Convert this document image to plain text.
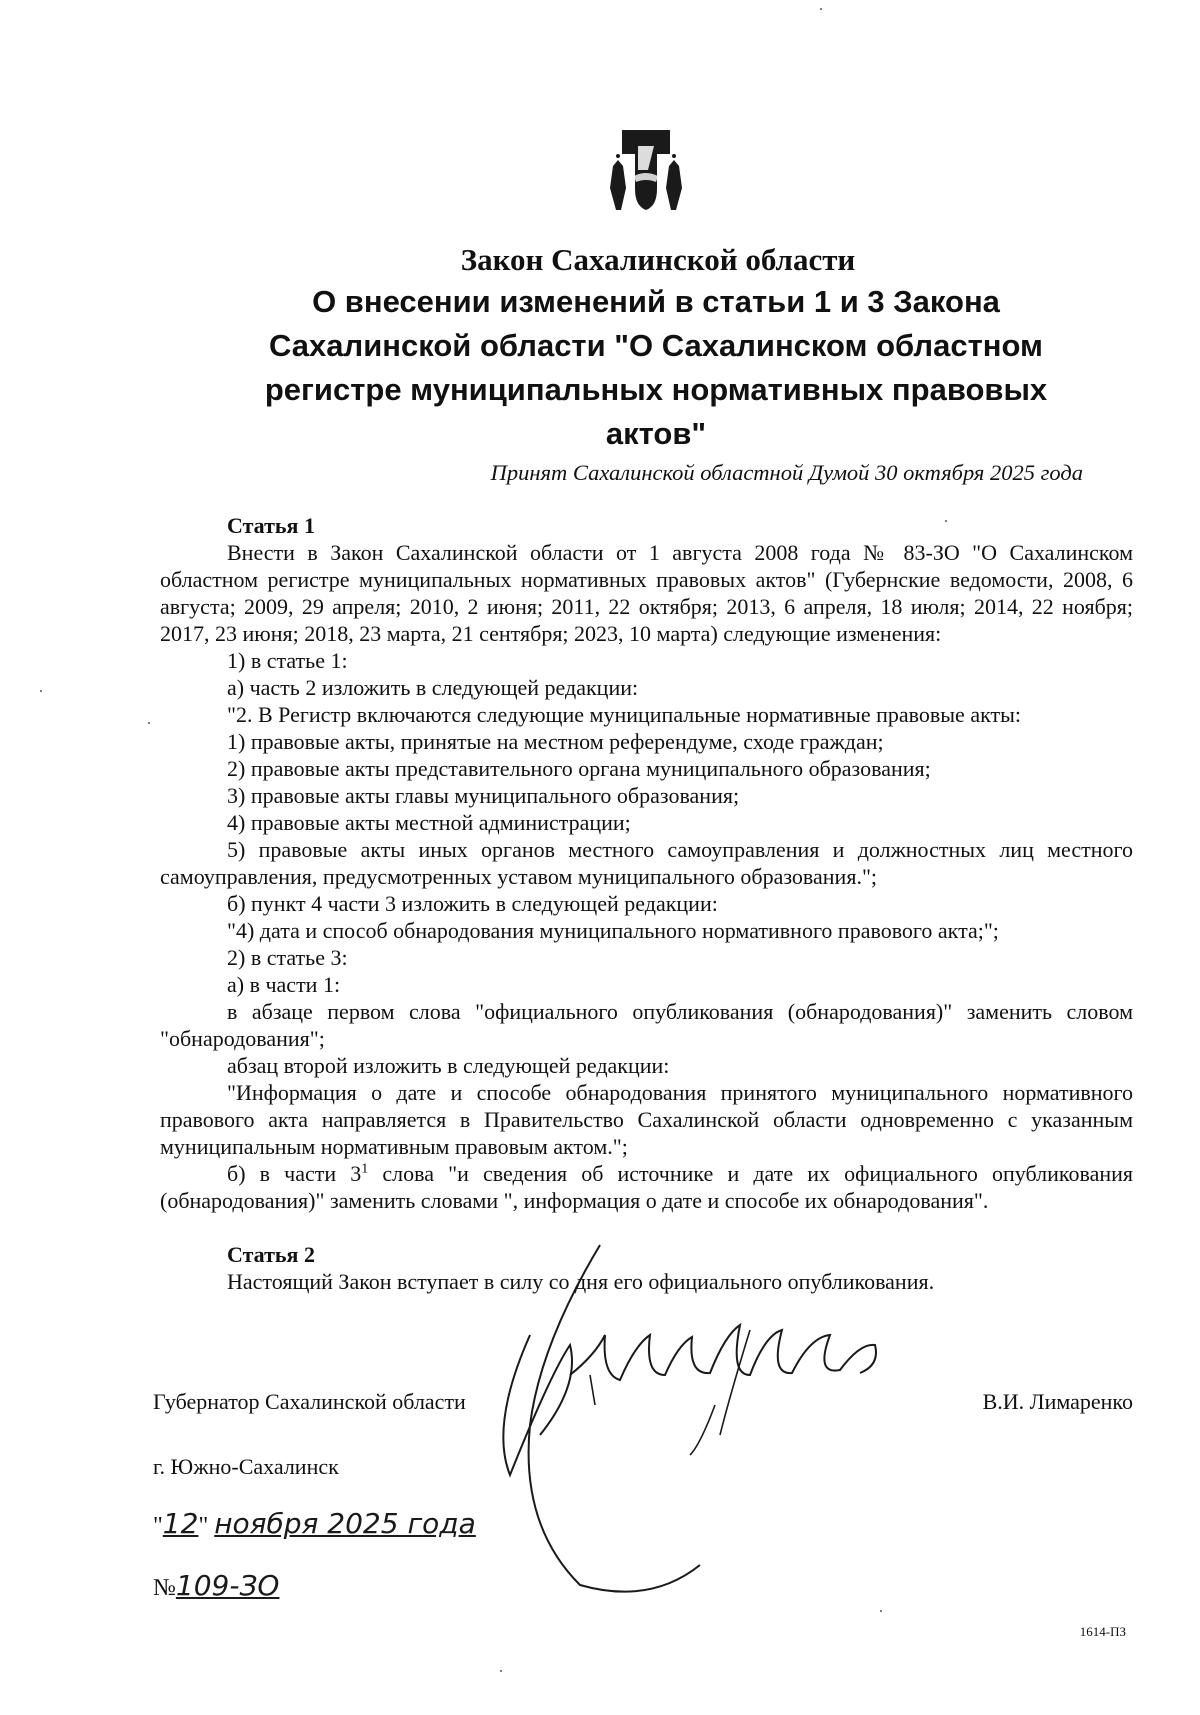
Закон Сахалинской области
О внесении изменений в статьи 1 и 3 Закона
Сахалинской области "О Сахалинском областном
регистре муниципальных нормативных правовых
актов"
Принят Сахалинской областной Думой 30 октября 2025 года

Статья 1

Внести в Закон Сахалинской области от 1 августа 2008 года № 83-ЗО "О Сахалинском областном регистре муниципальных нормативных правовых актов" (Губернские ведомости, 2008, 6 августа; 2009, 29 апреля; 2010, 2 июня; 2011, 22 октября; 2013, 6 апреля, 18 июля; 2014, 22 ноября; 2017, 23 июня; 2018, 23 марта, 21 сентября; 2023, 10 марта) следующие изменения:

1) в статье 1:

а) часть 2 изложить в следующей редакции:

"2. В Регистр включаются следующие муниципальные нормативные правовые акты:

1) правовые акты, принятые на местном референдуме, сходе граждан;

2) правовые акты представительного органа муниципального образования;

3) правовые акты главы муниципального образования;

4) правовые акты местной администрации;

5) правовые акты иных органов местного самоуправления и должностных лиц местного самоуправления, предусмотренных уставом муниципального образования.";

б) пункт 4 части 3 изложить в следующей редакции:

"4) дата и способ обнародования муниципального нормативного правового акта;";

2) в статье 3:

а) в части 1:

в абзаце первом слова "официального опубликования (обнародования)" заменить словом "обнародования";

абзац второй изложить в следующей редакции:

"Информация о дате и способе обнародования принятого муниципального нормативного правового акта направляется в Правительство Сахалинской области одновременно с указанным муниципальным нормативным правовым актом.";

б) в части $3^1$ слова "и сведения об источнике и дате их официального опубликования (обнародования)" заменить словами ", информация о дате и способе их обнародования".

Статья 2

Настоящий Закон вступает в силу со дня его официального опубликования.

Губернатор Сахалинской области	В.И. Лимаренко
г. Южно-Сахалинск
"12" ноября 2025 года
№109-ЗО
1614-ПЗ
